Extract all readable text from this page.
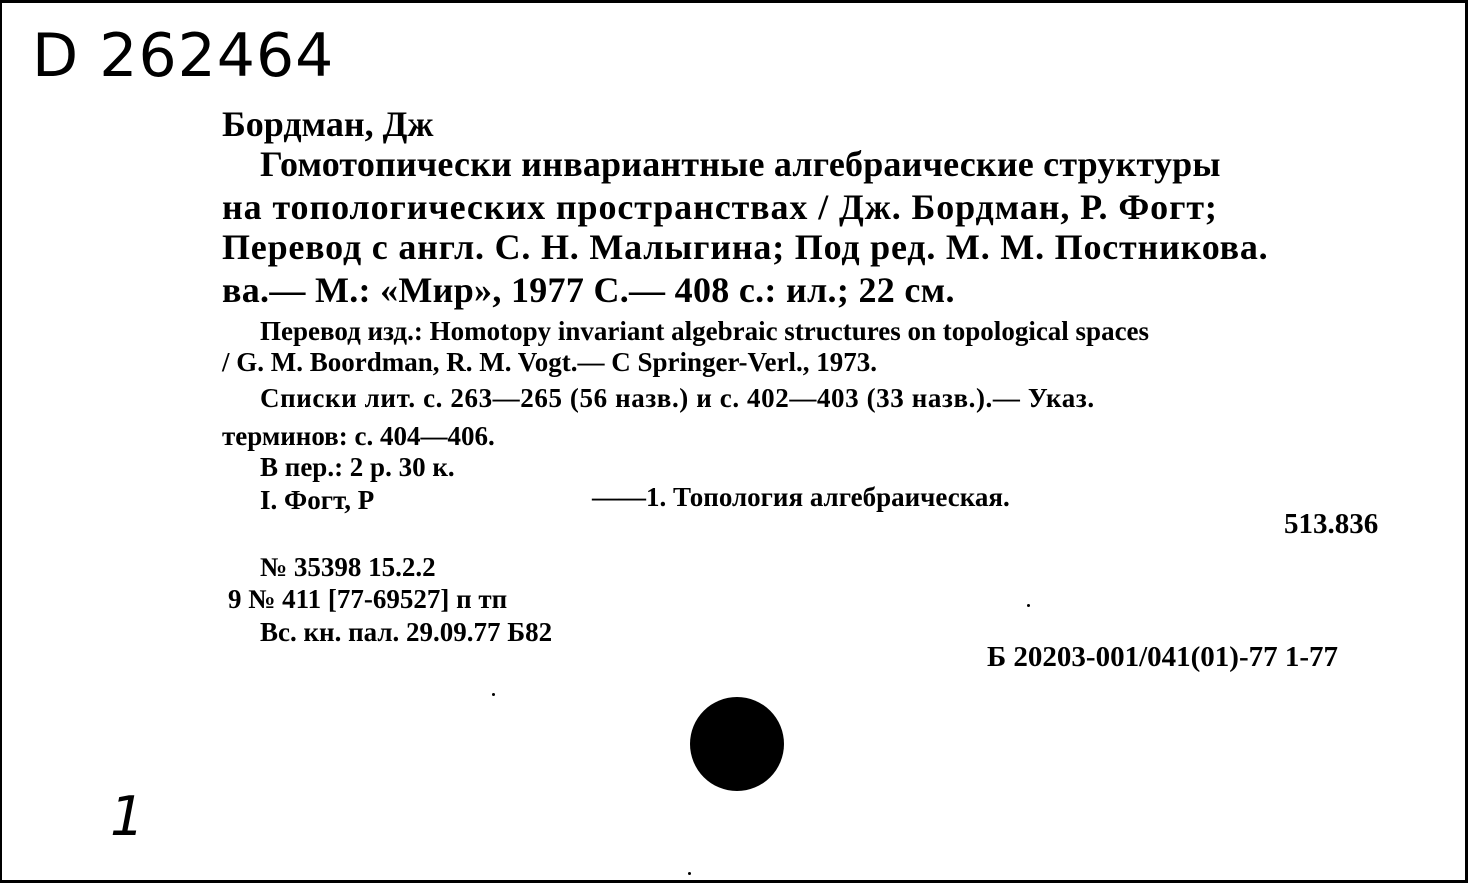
D 262464
Бордман, Дж
Гомотопически инвариантные алгебраические структуры
на топологических пространствах / Дж. Бордман, Р. Фогт;
Перевод с англ. С. Н. Малыгина; Под ред. М. М. Постникова.
ва.— М.: «Мир», 1977 С.— 408 с.: ил.; 22 см.
Перевод изд.: Homotopy invariant algebraic structures on topological spaces
/ G. M. Boordman, R. M. Vogt.— C Springer-Verl., 1973.
Списки лит. с. 263—265 (56 назв.) и с. 402—403 (33 назв.).— Указ.
терминов: с. 404—406.
В пер.: 2 р. 30 к.
I. Фогт, Р	——1. Топология алгебраическая.
513.836
№ 35398 15.2.2
9 № 411 [77-69527] п тп
Вс. кн. пал. 29.09.77 Б82
Б 20203-001/041(01)-77 1-77
1
